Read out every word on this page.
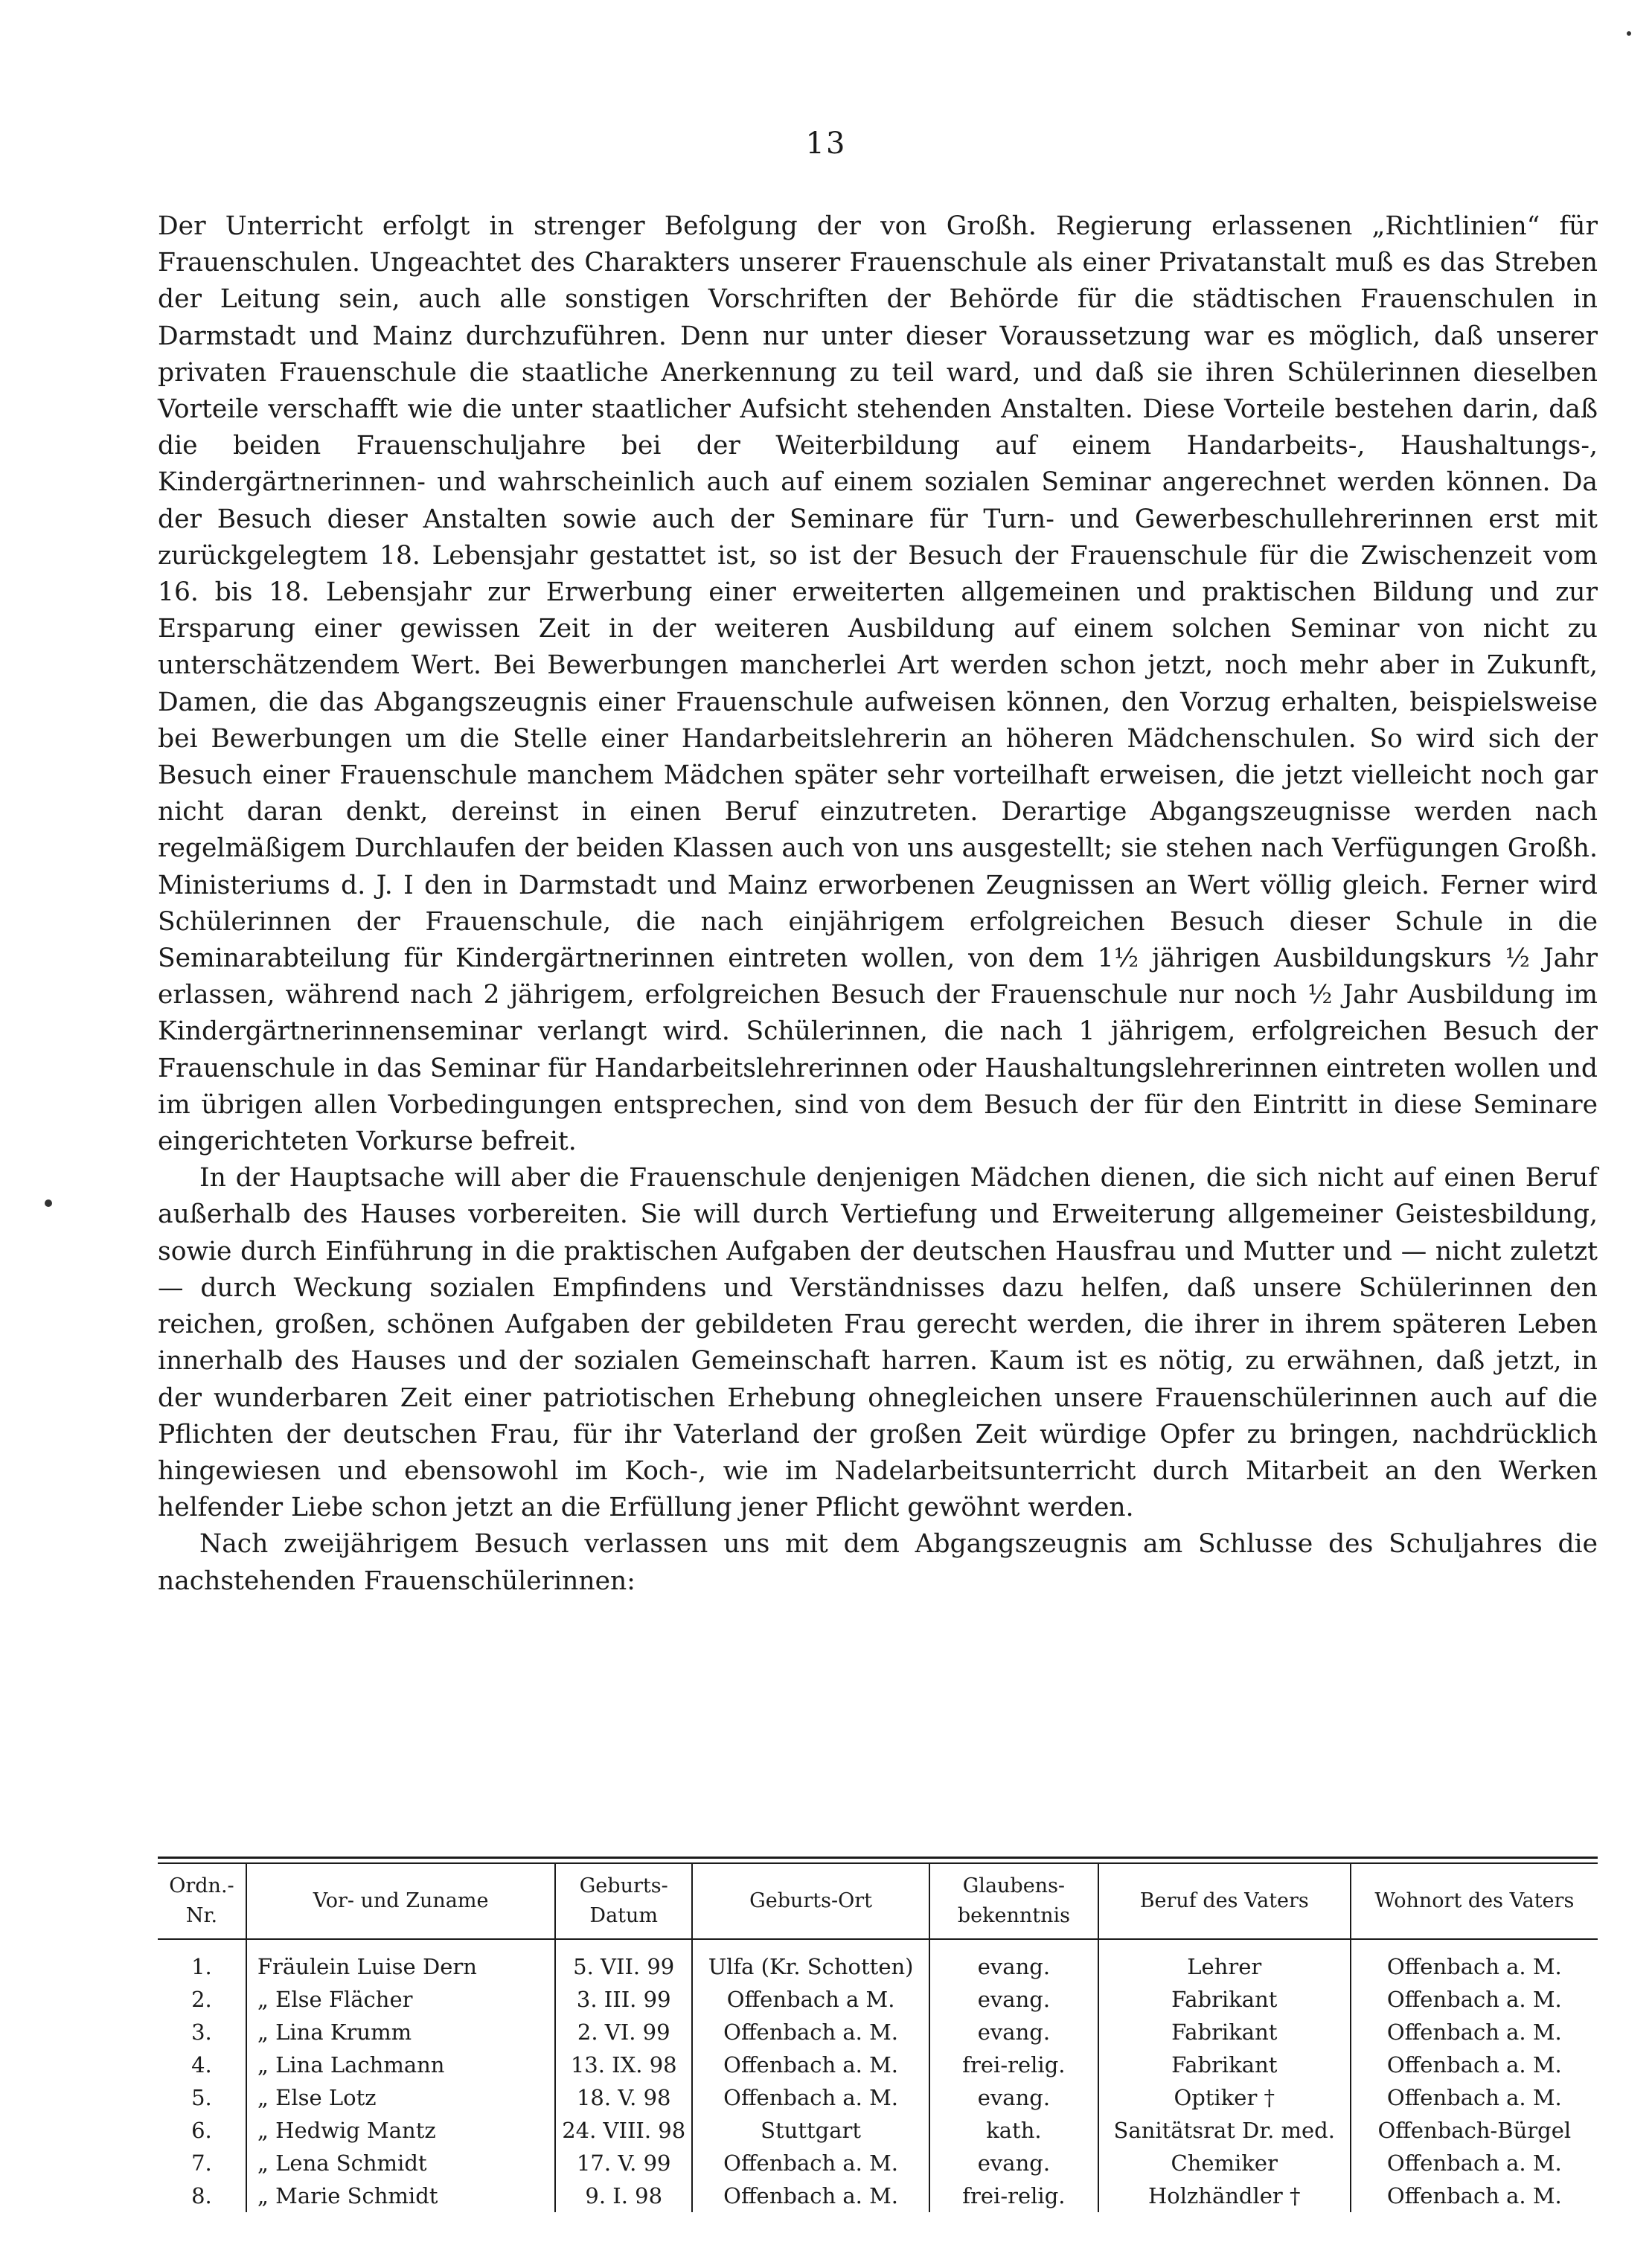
13

Der Unterricht erfolgt in strenger Befolgung der von Großh. Regierung erlassenen „Richtlinien“ für Frauenschulen. Ungeachtet des Charakters unserer Frauenschule als einer Privatanstalt muß es das Streben der Leitung sein, auch alle sonstigen Vorschriften der Behörde für die städtischen Frauenschulen in Darmstadt und Mainz durchzuführen. Denn nur unter dieser Voraussetzung war es möglich, daß unserer privaten Frauenschule die staatliche Anerkennung zu teil ward, und daß sie ihren Schülerinnen dieselben Vorteile verschafft wie die unter staatlicher Aufsicht stehenden Anstalten. Diese Vorteile bestehen darin, daß die beiden Frauenschuljahre bei der Weiterbildung auf einem Handarbeits-, Haushaltungs-, Kindergärtnerinnen- und wahrscheinlich auch auf einem sozialen Seminar angerechnet werden können. Da der Besuch dieser Anstalten sowie auch der Seminare für Turn- und Gewerbeschullehrerinnen erst mit zurückgelegtem 18. Lebensjahr gestattet ist, so ist der Besuch der Frauenschule für die Zwischenzeit vom 16. bis 18. Lebensjahr zur Erwerbung einer erweiterten allgemeinen und praktischen Bildung und zur Ersparung einer gewissen Zeit in der weiteren Ausbildung auf einem solchen Seminar von nicht zu unterschätzendem Wert. Bei Bewerbungen mancherlei Art werden schon jetzt, noch mehr aber in Zukunft, Damen, die das Abgangszeugnis einer Frauenschule aufweisen können, den Vorzug erhalten, beispielsweise bei Bewerbungen um die Stelle einer Handarbeitslehrerin an höheren Mädchenschulen. So wird sich der Besuch einer Frauenschule manchem Mädchen später sehr vorteilhaft erweisen, die jetzt vielleicht noch gar nicht daran denkt, dereinst in einen Beruf einzutreten. Derartige Abgangszeugnisse werden nach regelmäßigem Durchlaufen der beiden Klassen auch von uns ausgestellt; sie stehen nach Verfügungen Großh. Ministeriums d. J. I den in Darmstadt und Mainz erworbenen Zeugnissen an Wert völlig gleich. Ferner wird Schülerinnen der Frauenschule, die nach einjährigem erfolgreichen Besuch dieser Schule in die Seminarabteilung für Kindergärtnerinnen eintreten wollen, von dem 1½ jährigen Ausbildungskurs ½ Jahr erlassen, während nach 2 jährigem, erfolgreichen Besuch der Frauenschule nur noch ½ Jahr Ausbildung im Kindergärtnerinnenseminar verlangt wird. Schülerinnen, die nach 1 jährigem, erfolgreichen Besuch der Frauenschule in das Seminar für Handarbeitslehrerinnen oder Haushaltungslehrerinnen eintreten wollen und im übrigen allen Vorbedingungen entsprechen, sind von dem Besuch der für den Eintritt in diese Seminare eingerichteten Vorkurse befreit.

In der Hauptsache will aber die Frauenschule denjenigen Mädchen dienen, die sich nicht auf einen Beruf außerhalb des Hauses vorbereiten. Sie will durch Vertiefung und Erweiterung allgemeiner Geistesbildung, sowie durch Einführung in die praktischen Aufgaben der deutschen Hausfrau und Mutter und — nicht zuletzt — durch Weckung sozialen Empfindens und Verständnisses dazu helfen, daß unsere Schülerinnen den reichen, großen, schönen Aufgaben der gebildeten Frau gerecht werden, die ihrer in ihrem späteren Leben innerhalb des Hauses und der sozialen Gemeinschaft harren. Kaum ist es nötig, zu erwähnen, daß jetzt, in der wunderbaren Zeit einer patriotischen Erhebung ohnegleichen unsere Frauenschülerinnen auch auf die Pflichten der deutschen Frau, für ihr Vaterland der großen Zeit würdige Opfer zu bringen, nachdrücklich hingewiesen und ebensowohl im Koch-, wie im Nadelarbeitsunterricht durch Mitarbeit an den Werken helfender Liebe schon jetzt an die Erfüllung jener Pflicht gewöhnt werden.

Nach zweijährigem Besuch verlassen uns mit dem Abgangszeugnis am Schlusse des Schuljahres die nachstehenden Frauenschülerinnen:

Ordn.-Nr.	Vor- und Zuname	Geburts-Datum	Geburts-Ort	Glaubens-bekenntnis	Beruf des Vaters	Wohnort des Vaters
1.	Fräulein Luise Dern	5. VII. 99	Ulfa (Kr. Schotten)	evang.	Lehrer	Offenbach a. M.
2.	„ Else Flächer	3. III. 99	Offenbach a M.	evang.	Fabrikant	Offenbach a. M.
3.	„ Lina Krumm	2. VI. 99	Offenbach a. M.	evang.	Fabrikant	Offenbach a. M.
4.	„ Lina Lachmann	13. IX. 98	Offenbach a. M.	frei-relig.	Fabrikant	Offenbach a. M.
5.	„ Else Lotz	18. V. 98	Offenbach a. M.	evang.	Optiker †	Offenbach a. M.
6.	„ Hedwig Mantz	24. VIII. 98	Stuttgart	kath.	Sanitätsrat Dr. med.	Offenbach-Bürgel
7.	„ Lena Schmidt	17. V. 99	Offenbach a. M.	evang.	Chemiker	Offenbach a. M.
8.	„ Marie Schmidt	9. I. 98	Offenbach a. M.	frei-relig.	Holzhändler †	Offenbach a. M.
